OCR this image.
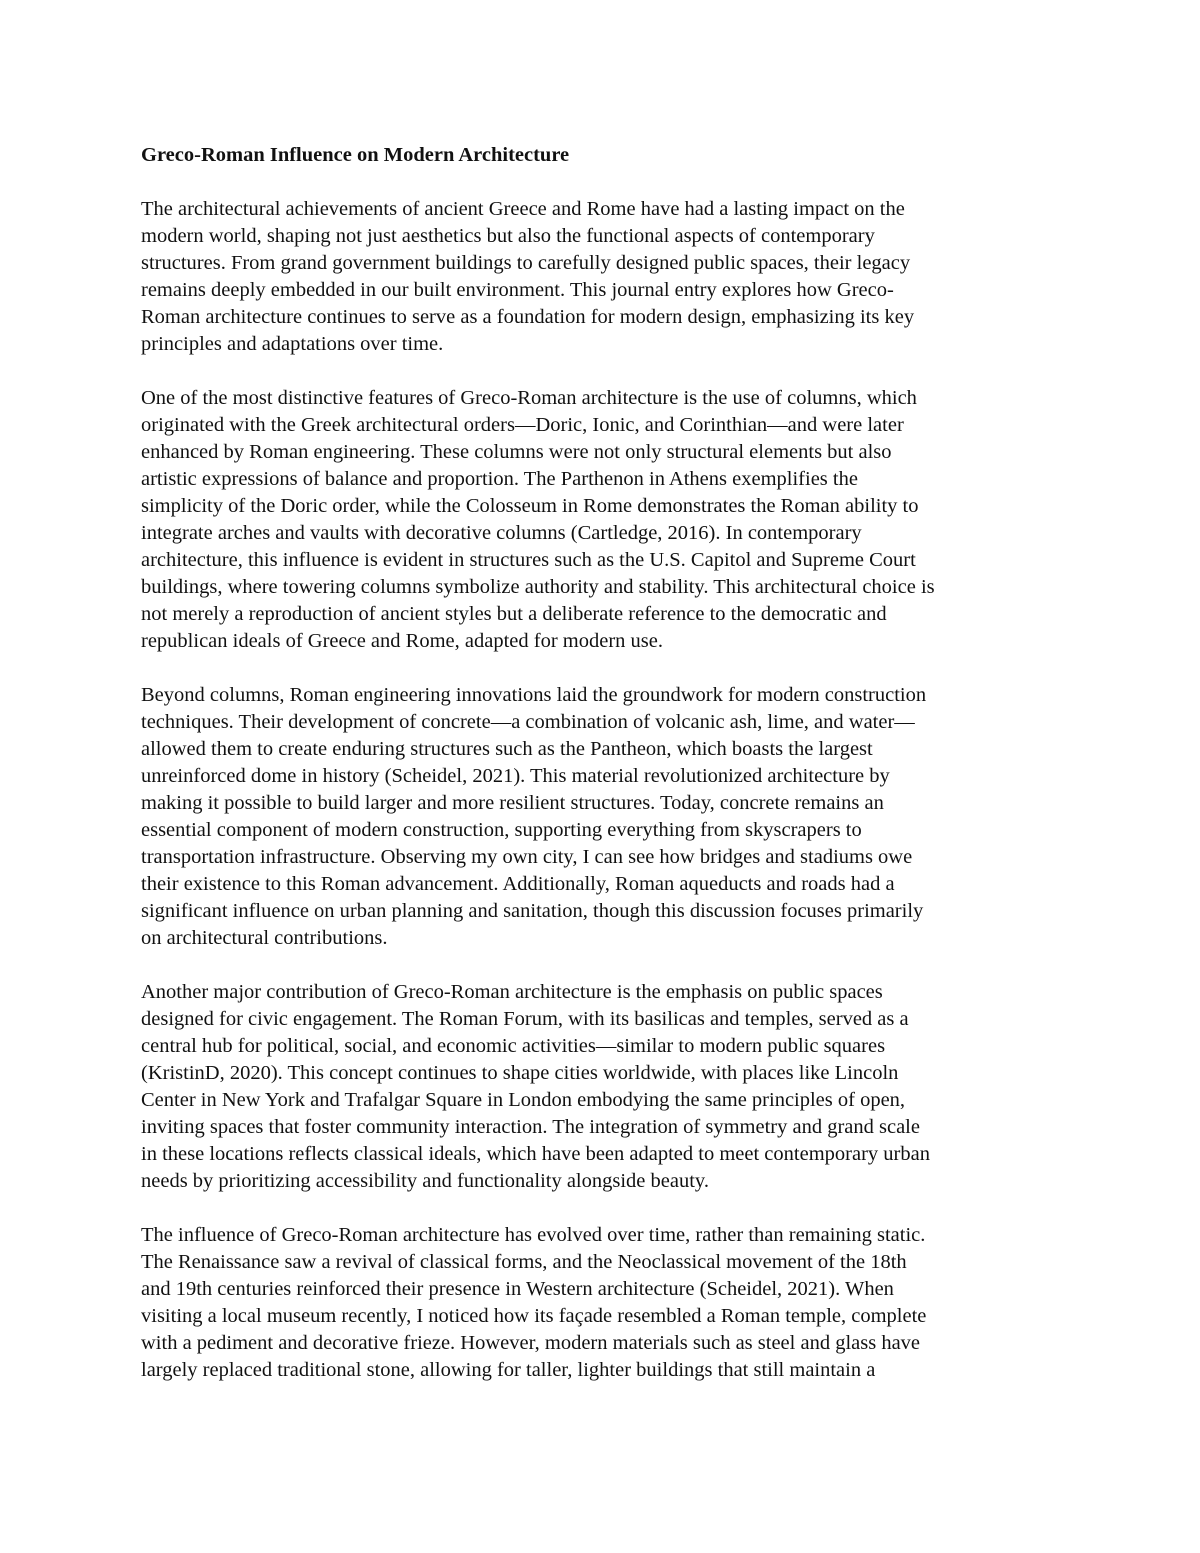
Greco-Roman Influence on Modern Architecture
The architectural achievements of ancient Greece and Rome have had a lasting impact on the
modern world, shaping not just aesthetics but also the functional aspects of contemporary
structures. From grand government buildings to carefully designed public spaces, their legacy
remains deeply embedded in our built environment. This journal entry explores how Greco-
Roman architecture continues to serve as a foundation for modern design, emphasizing its key
principles and adaptations over time.
One of the most distinctive features of Greco-Roman architecture is the use of columns, which
originated with the Greek architectural orders—Doric, Ionic, and Corinthian—and were later
enhanced by Roman engineering. These columns were not only structural elements but also
artistic expressions of balance and proportion. The Parthenon in Athens exemplifies the
simplicity of the Doric order, while the Colosseum in Rome demonstrates the Roman ability to
integrate arches and vaults with decorative columns (Cartledge, 2016). In contemporary
architecture, this influence is evident in structures such as the U.S. Capitol and Supreme Court
buildings, where towering columns symbolize authority and stability. This architectural choice is
not merely a reproduction of ancient styles but a deliberate reference to the democratic and
republican ideals of Greece and Rome, adapted for modern use.
Beyond columns, Roman engineering innovations laid the groundwork for modern construction
techniques. Their development of concrete—a combination of volcanic ash, lime, and water—
allowed them to create enduring structures such as the Pantheon, which boasts the largest
unreinforced dome in history (Scheidel, 2021). This material revolutionized architecture by
making it possible to build larger and more resilient structures. Today, concrete remains an
essential component of modern construction, supporting everything from skyscrapers to
transportation infrastructure. Observing my own city, I can see how bridges and stadiums owe
their existence to this Roman advancement. Additionally, Roman aqueducts and roads had a
significant influence on urban planning and sanitation, though this discussion focuses primarily
on architectural contributions.
Another major contribution of Greco-Roman architecture is the emphasis on public spaces
designed for civic engagement. The Roman Forum, with its basilicas and temples, served as a
central hub for political, social, and economic activities—similar to modern public squares
(KristinD, 2020). This concept continues to shape cities worldwide, with places like Lincoln
Center in New York and Trafalgar Square in London embodying the same principles of open,
inviting spaces that foster community interaction. The integration of symmetry and grand scale
in these locations reflects classical ideals, which have been adapted to meet contemporary urban
needs by prioritizing accessibility and functionality alongside beauty.
The influence of Greco-Roman architecture has evolved over time, rather than remaining static.
The Renaissance saw a revival of classical forms, and the Neoclassical movement of the 18th
and 19th centuries reinforced their presence in Western architecture (Scheidel, 2021). When
visiting a local museum recently, I noticed how its façade resembled a Roman temple, complete
with a pediment and decorative frieze. However, modern materials such as steel and glass have
largely replaced traditional stone, allowing for taller, lighter buildings that still maintain a
